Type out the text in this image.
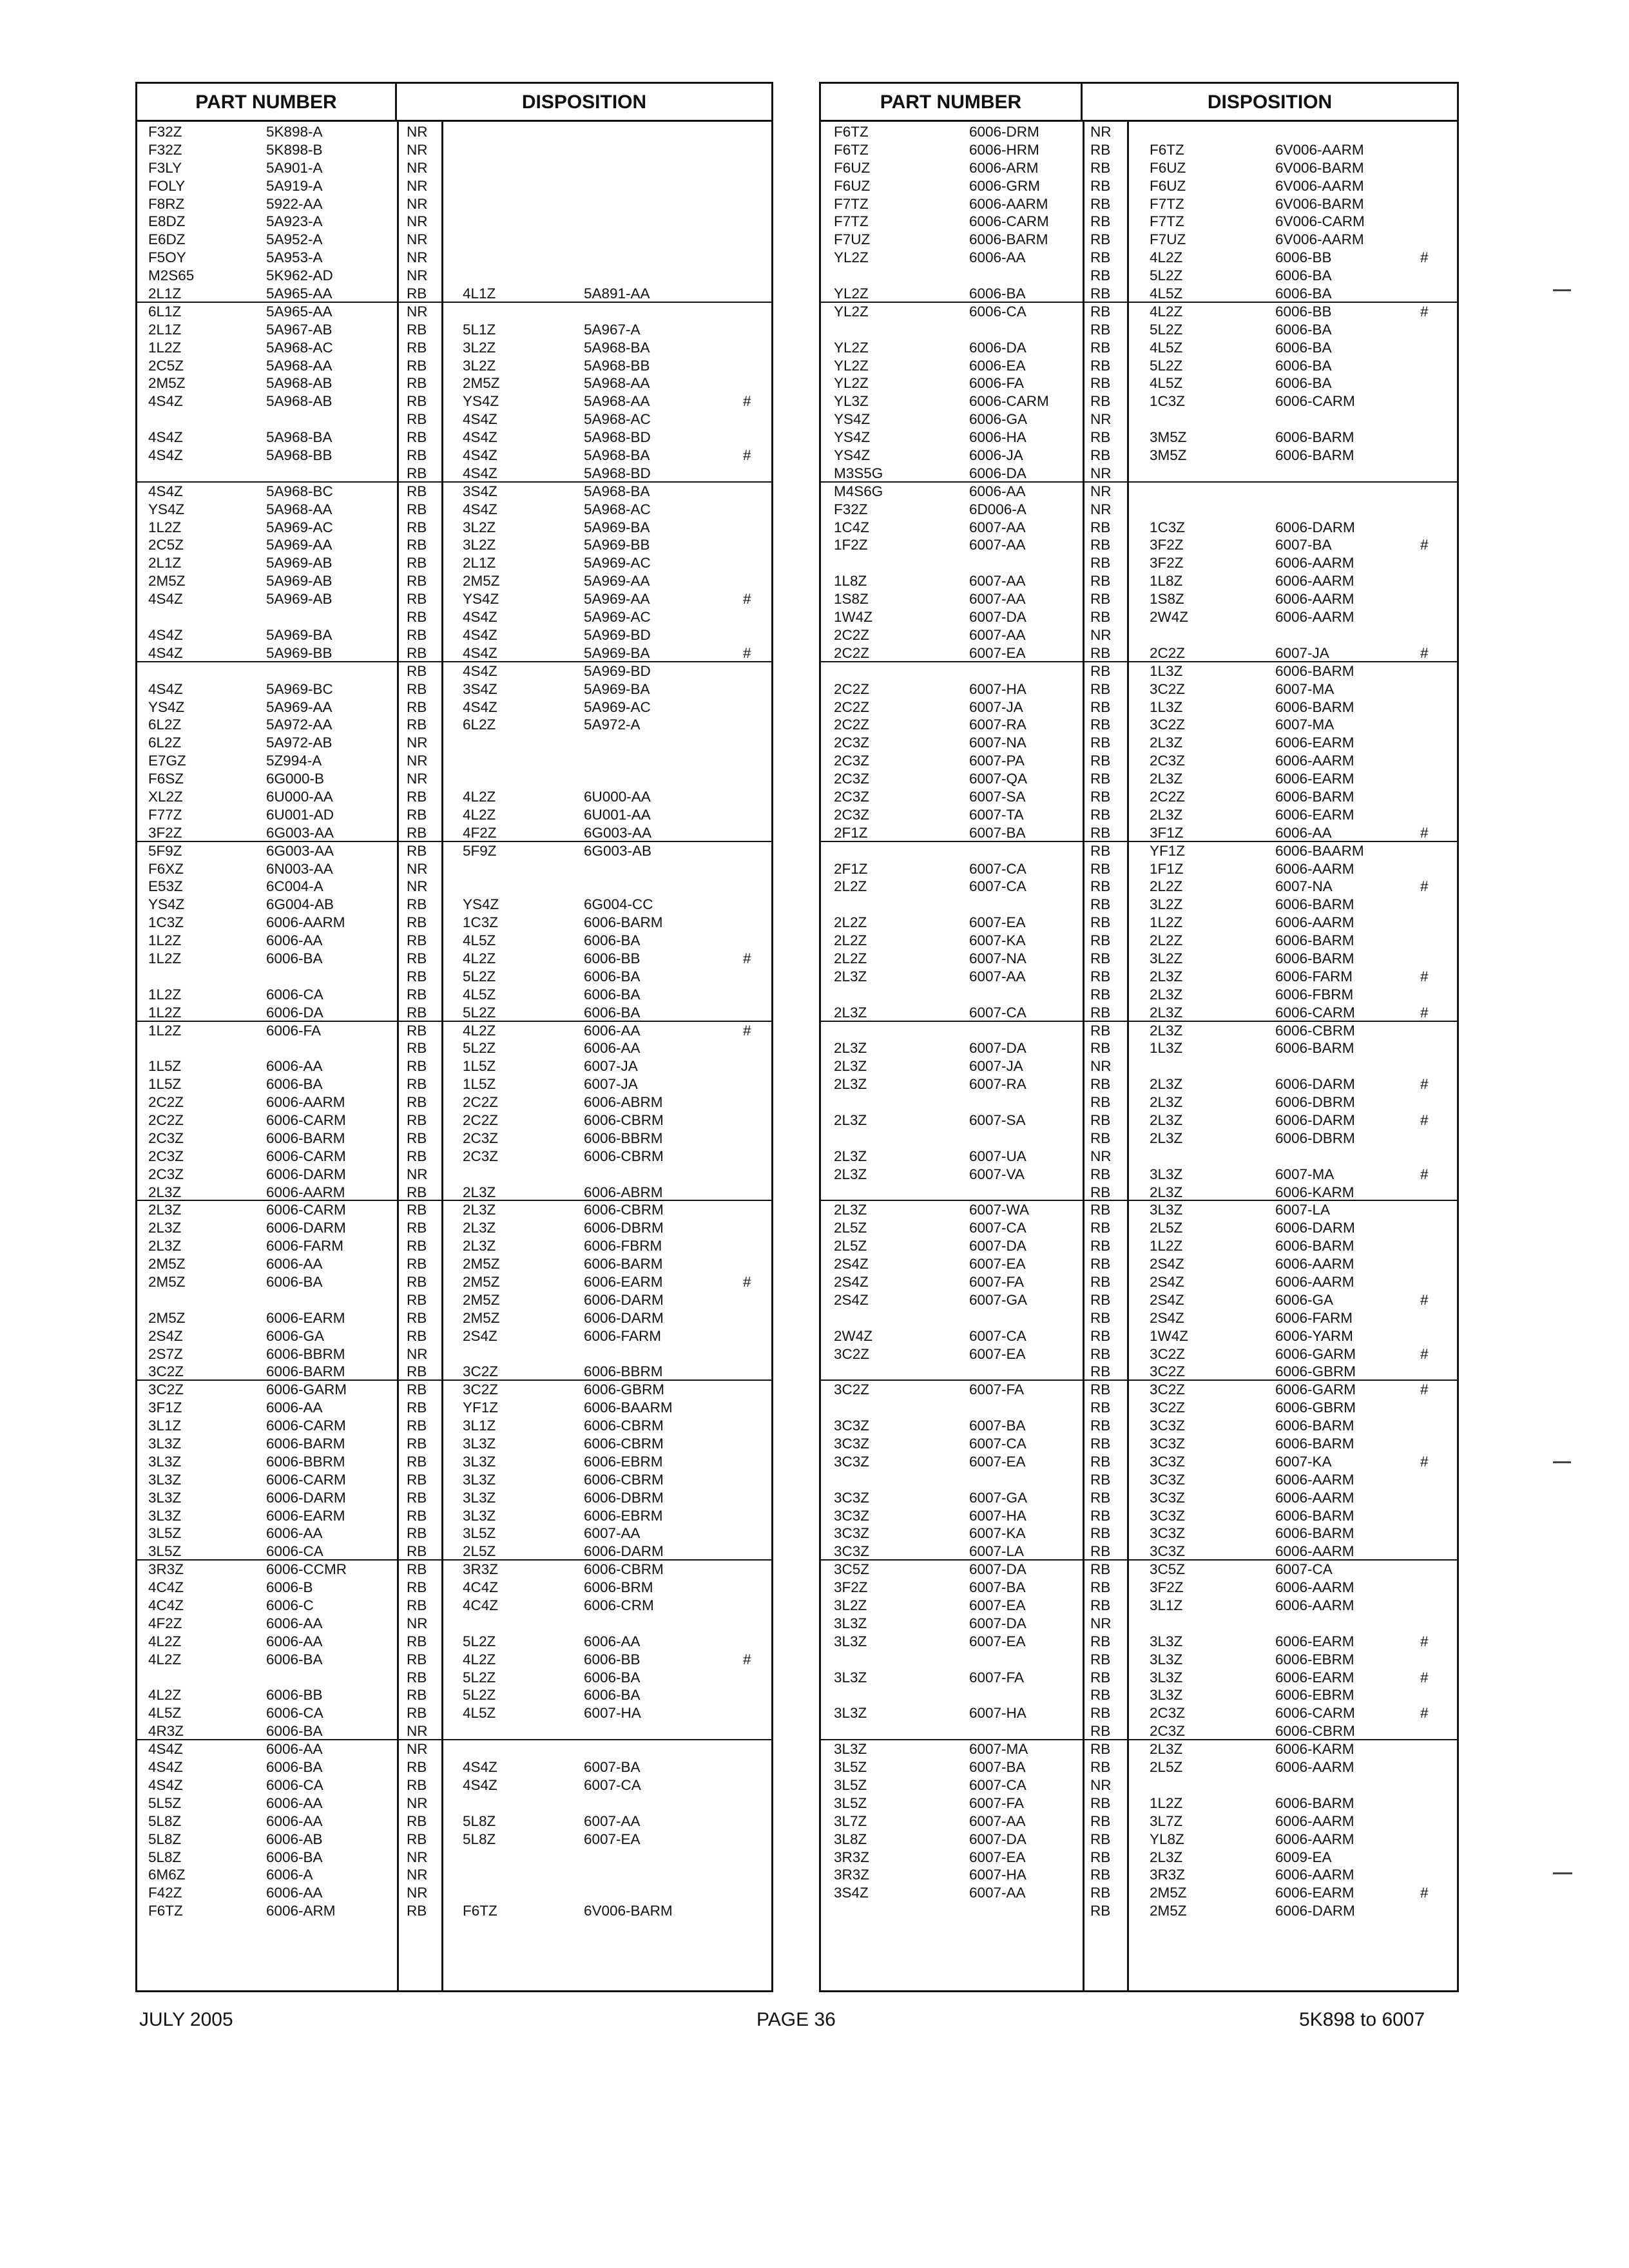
PART NUMBER	DISPOSITION
F32Z	5K898-A	NR
F32Z	5K898-B	NR
F3LY	5A901-A	NR
FOLY	5A919-A	NR
F8RZ	5922-AA	NR
E8DZ	5A923-A	NR
E6DZ	5A952-A	NR
F5OY	5A953-A	NR
M2S65	5K962-AD	NR
2L1Z	5A965-AA	RB 4L1Z	5A891-AA
6L1Z	5A965-AA	NR
2L1Z	5A967-AB	RB 5L1Z	5A967-A
1L2Z	5A968-AC	RB 3L2Z	5A968-BA
2C5Z	5A968-AA	RB 3L2Z	5A968-BB
2M5Z	5A968-AB	RB 2M5Z	5A968-AA
4S4Z	5A968-AB	RB YS4Z	5A968-AA	#
RB 4S4Z	5A968-AC
4S4Z	5A968-BA	RB 4S4Z	5A968-BD
4S4Z	5A968-BB	RB 4S4Z	5A968-BA	#
RB 4S4Z	5A968-BD
4S4Z	5A968-BC	RB 3S4Z	5A968-BA
YS4Z	5A968-AA	RB 4S4Z	5A968-AC
1L2Z	5A969-AC	RB 3L2Z	5A969-BA
2C5Z	5A969-AA	RB 3L2Z	5A969-BB
2L1Z	5A969-AB	RB 2L1Z	5A969-AC
2M5Z	5A969-AB	RB 2M5Z	5A969-AA
4S4Z	5A969-AB	RB YS4Z	5A969-AA	#
RB 4S4Z	5A969-AC
4S4Z	5A969-BA	RB 4S4Z	5A969-BD
4S4Z	5A969-BB	RB 4S4Z	5A969-BA	#
RB 4S4Z	5A969-BD
4S4Z	5A969-BC	RB 3S4Z	5A969-BA
YS4Z	5A969-AA	RB 4S4Z	5A969-AC
6L2Z	5A972-AA	RB 6L2Z	5A972-A
6L2Z	5A972-AB	NR
E7GZ	5Z994-A	NR
F6SZ	6G000-B	NR
XL2Z	6U000-AA	RB 4L2Z	6U000-AA
F77Z	6U001-AD	RB 4L2Z	6U001-AA
3F2Z	6G003-AA	RB 4F2Z	6G003-AA
5F9Z	6G003-AA	RB 5F9Z	6G003-AB
F6XZ	6N003-AA	NR
E53Z	6C004-A	NR
YS4Z	6G004-AB	RB YS4Z	6G004-CC
1C3Z	6006-AARM	RB 1C3Z	6006-BARM
1L2Z	6006-AA	RB 4L5Z	6006-BA
1L2Z	6006-BA	RB 4L2Z	6006-BB	#
RB 5L2Z	6006-BA
1L2Z	6006-CA	RB 4L5Z	6006-BA
1L2Z	6006-DA	RB 5L2Z	6006-BA
1L2Z	6006-FA	RB 4L2Z	6006-AA	#
RB 5L2Z	6006-AA
1L5Z	6006-AA	RB 1L5Z	6007-JA
1L5Z	6006-BA	RB 1L5Z	6007-JA
2C2Z	6006-AARM	RB 2C2Z	6006-ABRM
2C2Z	6006-CARM	RB 2C2Z	6006-CBRM
2C3Z	6006-BARM	RB 2C3Z	6006-BBRM
2C3Z	6006-CARM	RB 2C3Z	6006-CBRM
2C3Z	6006-DARM	NR
2L3Z	6006-AARM	RB 2L3Z	6006-ABRM
2L3Z	6006-CARM	RB 2L3Z	6006-CBRM
2L3Z	6006-DARM	RB 2L3Z	6006-DBRM
2L3Z	6006-FARM	RB 2L3Z	6006-FBRM
2M5Z	6006-AA	RB 2M5Z	6006-BARM
2M5Z	6006-BA	RB 2M5Z	6006-EARM	#
RB 2M5Z	6006-DARM
2M5Z	6006-EARM	RB 2M5Z	6006-DARM
2S4Z	6006-GA	RB 2S4Z	6006-FARM
2S7Z	6006-BBRM	NR
3C2Z	6006-BARM	RB 3C2Z	6006-BBRM
3C2Z	6006-GARM	RB 3C2Z	6006-GBRM
3F1Z	6006-AA	RB YF1Z	6006-BAARM
3L1Z	6006-CARM	RB 3L1Z	6006-CBRM
3L3Z	6006-BARM	RB 3L3Z	6006-CBRM
3L3Z	6006-BBRM	RB 3L3Z	6006-EBRM
3L3Z	6006-CARM	RB 3L3Z	6006-CBRM
3L3Z	6006-DARM	RB 3L3Z	6006-DBRM
3L3Z	6006-EARM	RB 3L3Z	6006-EBRM
3L5Z	6006-AA	RB 3L5Z	6007-AA
3L5Z	6006-CA	RB 2L5Z	6006-DARM
3R3Z	6006-CCMR	RB 3R3Z	6006-CBRM
4C4Z	6006-B	RB 4C4Z	6006-BRM
4C4Z	6006-C	RB 4C4Z	6006-CRM
4F2Z	6006-AA	NR
4L2Z	6006-AA	RB 5L2Z	6006-AA
4L2Z	6006-BA	RB 4L2Z	6006-BB	#
RB 5L2Z	6006-BA
4L2Z	6006-BB	RB 5L2Z	6006-BA
4L5Z	6006-CA	RB 4L5Z	6007-HA
4R3Z	6006-BA	NR
4S4Z	6006-AA	NR
4S4Z	6006-BA	RB 4S4Z	6007-BA
4S4Z	6006-CA	RB 4S4Z	6007-CA
5L5Z	6006-AA	NR
5L8Z	6006-AA	RB 5L8Z	6007-AA
5L8Z	6006-AB	RB 5L8Z	6007-EA
5L8Z	6006-BA	NR
6M6Z	6006-A	NR
F42Z	6006-AA	NR
F6TZ	6006-ARM	RB F6TZ	6V006-BARM
PART NUMBER	DISPOSITION
F6TZ	6006-DRM	NR
F6TZ	6006-HRM	RB	F6TZ	6V006-AARM
F6UZ	6006-ARM	RB	F6UZ	6V006-BARM
F6UZ	6006-GRM	RB	F6UZ	6V006-AARM
F7TZ	6006-AARM	RB	F7TZ	6V006-BARM
F7TZ	6006-CARM	RB	F7TZ	6V006-CARM
F7UZ	6006-BARM	RB	F7UZ	6V006-AARM
YL2Z	6006-AA	RB	4L2Z	6006-BB	#
RB	5L2Z	6006-BA
YL2Z	6006-BA	RB	4L5Z	6006-BA
YL2Z	6006-CA	RB	4L2Z	6006-BB	#
RB	5L2Z	6006-BA
YL2Z	6006-DA	RB	4L5Z	6006-BA
YL2Z	6006-EA	RB	5L2Z	6006-BA
YL2Z	6006-FA	RB	4L5Z	6006-BA
YL3Z	6006-CARM	RB	1C3Z	6006-CARM
YS4Z	6006-GA	NR
YS4Z	6006-HA	RB	3M5Z	6006-BARM
YS4Z	6006-JA	RB	3M5Z	6006-BARM
M3S5G	6006-DA	NR
M4S6G	6006-AA	NR
F32Z	6D006-A	NR
1C4Z	6007-AA	RB	1C3Z	6006-DARM
1F2Z	6007-AA	RB	3F2Z	6007-BA	#
RB	3F2Z	6006-AARM
1L8Z	6007-AA	RB	1L8Z	6006-AARM
1S8Z	6007-AA	RB	1S8Z	6006-AARM
1W4Z	6007-DA	RB	2W4Z	6006-AARM
2C2Z	6007-AA	NR
2C2Z	6007-EA	RB	2C2Z	6007-JA	#
RB	1L3Z	6006-BARM
2C2Z	6007-HA	RB	3C2Z	6007-MA
2C2Z	6007-JA	RB	1L3Z	6006-BARM
2C2Z	6007-RA	RB	3C2Z	6007-MA
2C3Z	6007-NA	RB	2L3Z	6006-EARM
2C3Z	6007-PA	RB	2C3Z	6006-AARM
2C3Z	6007-QA	RB	2L3Z	6006-EARM
2C3Z	6007-SA	RB	2C2Z	6006-BARM
2C3Z	6007-TA	RB	2L3Z	6006-EARM
2F1Z	6007-BA	RB	3F1Z	6006-AA	#
RB	YF1Z	6006-BAARM
2F1Z	6007-CA	RB	1F1Z	6006-AARM
2L2Z	6007-CA	RB	2L2Z	6007-NA	#
RB	3L2Z	6006-BARM
2L2Z	6007-EA	RB	1L2Z	6006-AARM
2L2Z	6007-KA	RB	2L2Z	6006-BARM
2L2Z	6007-NA	RB	3L2Z	6006-BARM
2L3Z	6007-AA	RB	2L3Z	6006-FARM	#
RB	2L3Z	6006-FBRM
2L3Z	6007-CA	RB	2L3Z	6006-CARM	#
RB	2L3Z	6006-CBRM
2L3Z	6007-DA	RB	1L3Z	6006-BARM
2L3Z	6007-JA	NR
2L3Z	6007-RA	RB	2L3Z	6006-DARM	#
RB	2L3Z	6006-DBRM
2L3Z	6007-SA	RB	2L3Z	6006-DARM	#
RB	2L3Z	6006-DBRM
2L3Z	6007-UA	NR
2L3Z	6007-VA	RB	3L3Z	6007-MA	#
RB	2L3Z	6006-KARM
2L3Z	6007-WA	RB	3L3Z	6007-LA
2L5Z	6007-CA	RB	2L5Z	6006-DARM
2L5Z	6007-DA	RB	1L2Z	6006-BARM
2S4Z	6007-EA	RB	2S4Z	6006-AARM
2S4Z	6007-FA	RB	2S4Z	6006-AARM
2S4Z	6007-GA	RB	2S4Z	6006-GA	#
RB	2S4Z	6006-FARM
2W4Z	6007-CA	RB	1W4Z	6006-YARM
3C2Z	6007-EA	RB	3C2Z	6006-GARM	#
RB	3C2Z	6006-GBRM
3C2Z	6007-FA	RB	3C2Z	6006-GARM	#
RB	3C2Z	6006-GBRM
3C3Z	6007-BA	RB	3C3Z	6006-BARM
3C3Z	6007-CA	RB	3C3Z	6006-BARM
3C3Z	6007-EA	RB	3C3Z	6007-KA	#
RB	3C3Z	6006-AARM
3C3Z	6007-GA	RB	3C3Z	6006-AARM
3C3Z	6007-HA	RB	3C3Z	6006-BARM
3C3Z	6007-KA	RB	3C3Z	6006-BARM
3C3Z	6007-LA	RB	3C3Z	6006-AARM
3C5Z	6007-DA	RB	3C5Z	6007-CA
3F2Z	6007-BA	RB	3F2Z	6006-AARM
3L2Z	6007-EA	RB	3L1Z	6006-AARM
3L3Z	6007-DA	NR
3L3Z	6007-EA	RB	3L3Z	6006-EARM	#
RB	3L3Z	6006-EBRM
3L3Z	6007-FA	RB	3L3Z	6006-EARM	#
RB	3L3Z	6006-EBRM
3L3Z	6007-HA	RB	2C3Z	6006-CARM	#
RB	2C3Z	6006-CBRM
3L3Z	6007-MA	RB	2L3Z	6006-KARM
3L5Z	6007-BA	RB	2L5Z	6006-AARM
3L5Z	6007-CA	NR
3L5Z	6007-FA	RB	1L2Z	6006-BARM
3L7Z	6007-AA	RB	3L7Z	6006-AARM
3L8Z	6007-DA	RB	YL8Z	6006-AARM
3R3Z	6007-EA	RB	2L3Z	6009-EA
3R3Z	6007-HA	RB	3R3Z	6006-AARM
3S4Z	6007-AA	RB	2M5Z	6006-EARM	#
RB	2M5Z	6006-DARM
JULY 2005	PAGE 36	5K898 to 6007
